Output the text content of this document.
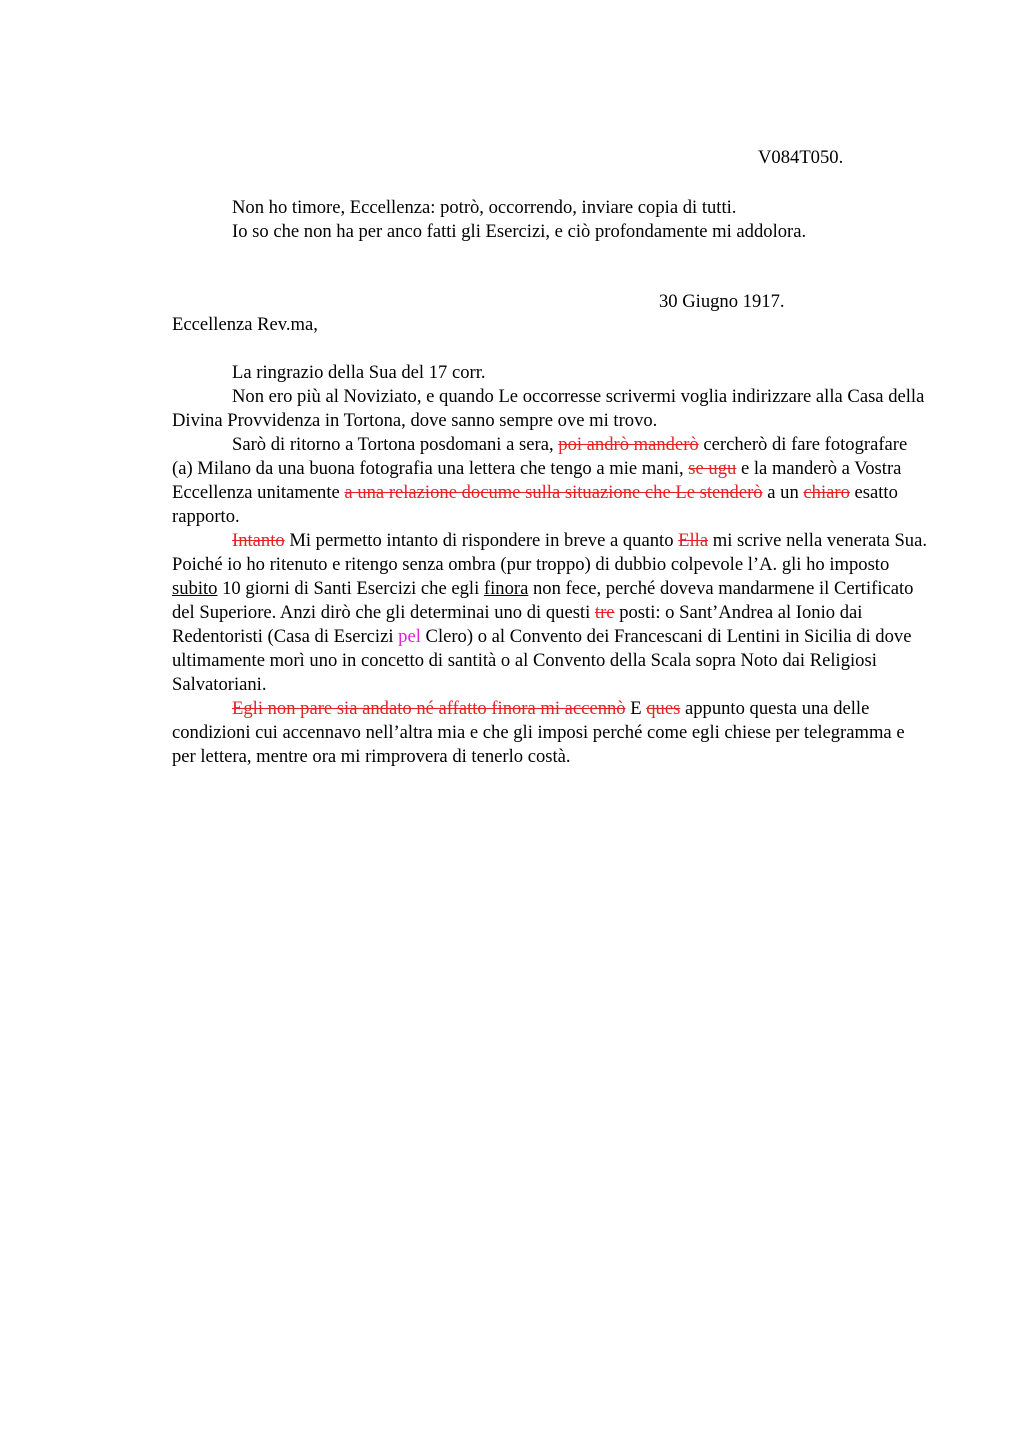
V084T050.

Non ho timore, Eccellenza: potrò, occorrendo, inviare copia di tutti.

Io so che non ha per anco fatti gli Esercizi, e ciò profondamente mi addolora.

30 Giugno 1917.
Eccellenza Rev.ma,

La ringrazio della Sua del 17 corr.

Non ero più al Noviziato, e quando Le occorresse scrivermi voglia indirizzare alla Casa della Divina Provvidenza in Tortona, dove sanno sempre ove mi trovo.

Sarò di ritorno a Tortona posdomani a sera, poi andrò manderò cercherò di fare fotografare (a) Milano da una buona fotografia una lettera che tengo a mie mani, se ugu e la manderò a Vostra Eccellenza unitamente a una relazione docume sulla situazione che Le stenderò a un chiaro esatto rapporto.

Intanto Mi permetto intanto di rispondere in breve a quanto Ella mi scrive nella venerata Sua. Poiché io ho ritenuto e ritengo senza ombra (pur troppo) di dubbio colpevole l’A. gli ho imposto subito 10 giorni di Santi Esercizi che egli finora non fece, perché doveva mandarmene il Certificato del Superiore. Anzi dirò che gli determinai uno di questi tre posti: o Sant’Andrea al Ionio dai Redentoristi (Casa di Esercizi pel Clero) o al Convento dei Francescani di Lentini in Sicilia di dove ultimamente morì uno in concetto di santità o al Convento della Scala sopra Noto dai Religiosi Salvatoriani.

Egli non pare sia andato né affatto finora mi accennò E ques appunto questa una delle condizioni cui accennavo nell’altra mia e che gli imposi perché come egli chiese per telegramma e per lettera, mentre ora mi rimprovera di tenerlo costà.
